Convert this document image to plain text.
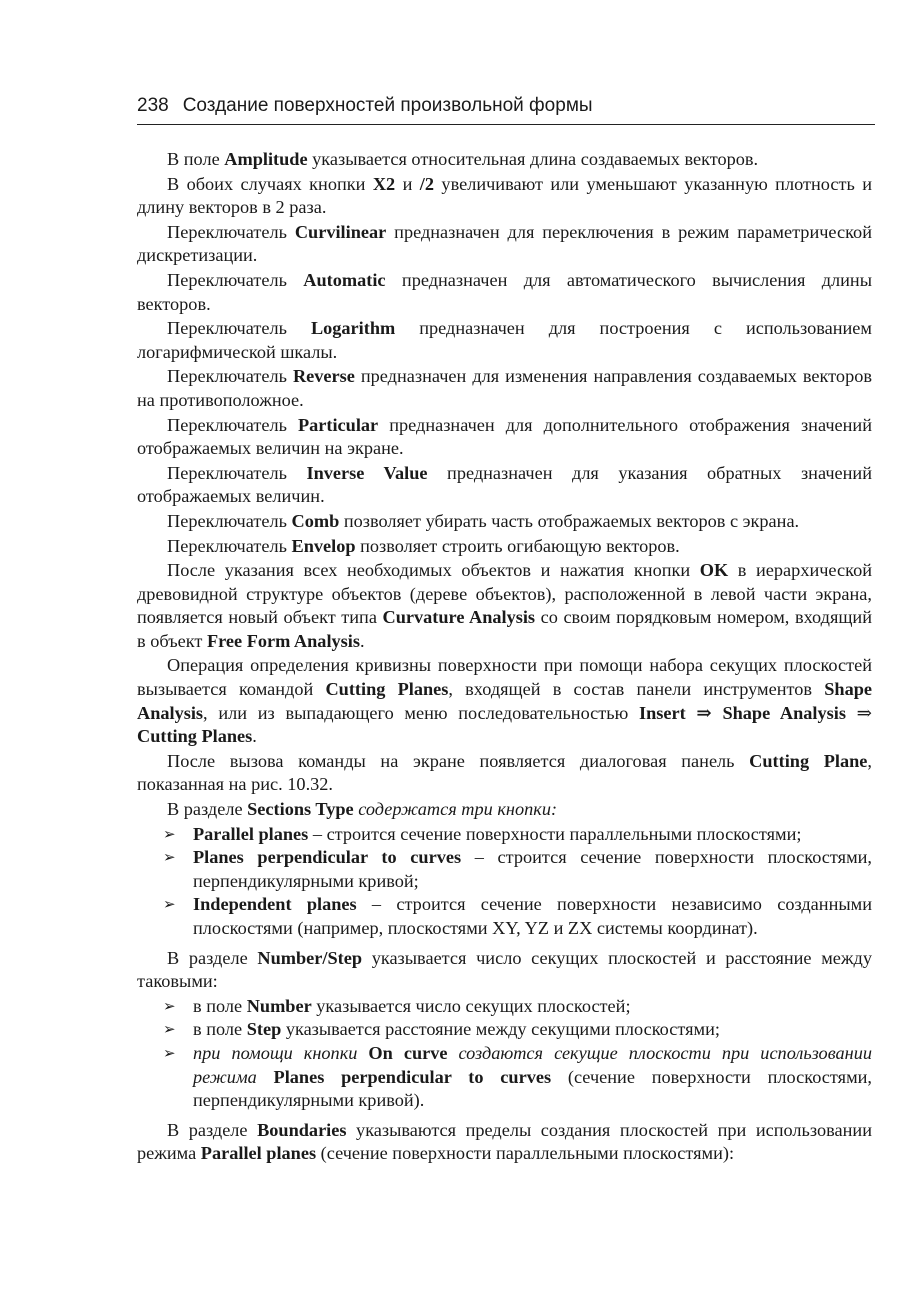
238 Создание поверхностей произвольной формы

В поле Amplitude указывается относительная длина создаваемых векторов.

В обоих случаях кнопки X2 и /2 увеличивают или уменьшают указанную плотность и длину векторов в 2 раза.

Переключатель Curvilinear предназначен для переключения в режим параметрической дискретизации.

Переключатель Automatic предназначен для автоматического вычисления длины векторов.

Переключатель Logarithm предназначен для построения с использованием логарифмической шкалы.

Переключатель Reverse предназначен для изменения направления создаваемых векторов на противоположное.

Переключатель Particular предназначен для дополнительного отображения значений отображаемых величин на экране.

Переключатель Inverse Value предназначен для указания обратных значений отображаемых величин.

Переключатель Comb позволяет убирать часть отображаемых векторов с экрана.

Переключатель Envelop позволяет строить огибающую векторов.

После указания всех необходимых объектов и нажатия кнопки OK в иерархической древовидной структуре объектов (дереве объектов), расположенной в левой части экрана, появляется новый объект типа Curvature Analysis со своим порядковым номером, входящий в объект Free Form Analysis.

Операция определения кривизны поверхности при помощи набора секущих плоскостей вызывается командой Cutting Planes, входящей в состав панели инструментов Shape Analysis, или из выпадающего меню последовательностью Insert ⇒ Shape Analysis ⇒ Cutting Planes.

После вызова команды на экране появляется диалоговая панель Cutting Plane, показанная на рис. 10.32.

В разделе Sections Type содержатся три кнопки:

➢ Parallel planes – строится сечение поверхности параллельными плоскостями;
➢ Planes perpendicular to curves – строится сечение поверхности плоскостями, перпендикулярными кривой;
➢ Independent planes – строится сечение поверхности независимо созданными плоскостями (например, плоскостями XY, YZ и ZX системы координат).

В разделе Number/Step указывается число секущих плоскостей и расстояние между таковыми:

➢ в поле Number указывается число секущих плоскостей;
➢ в поле Step указывается расстояние между секущими плоскостями;
➢ при помощи кнопки On curve создаются секущие плоскости при использовании режима Planes perpendicular to curves (сечение поверхности плоскостями, перпендикулярными кривой).

В разделе Boundaries указываются пределы создания плоскостей при использовании режима Parallel planes (сечение поверхности параллельными плоскостями):
